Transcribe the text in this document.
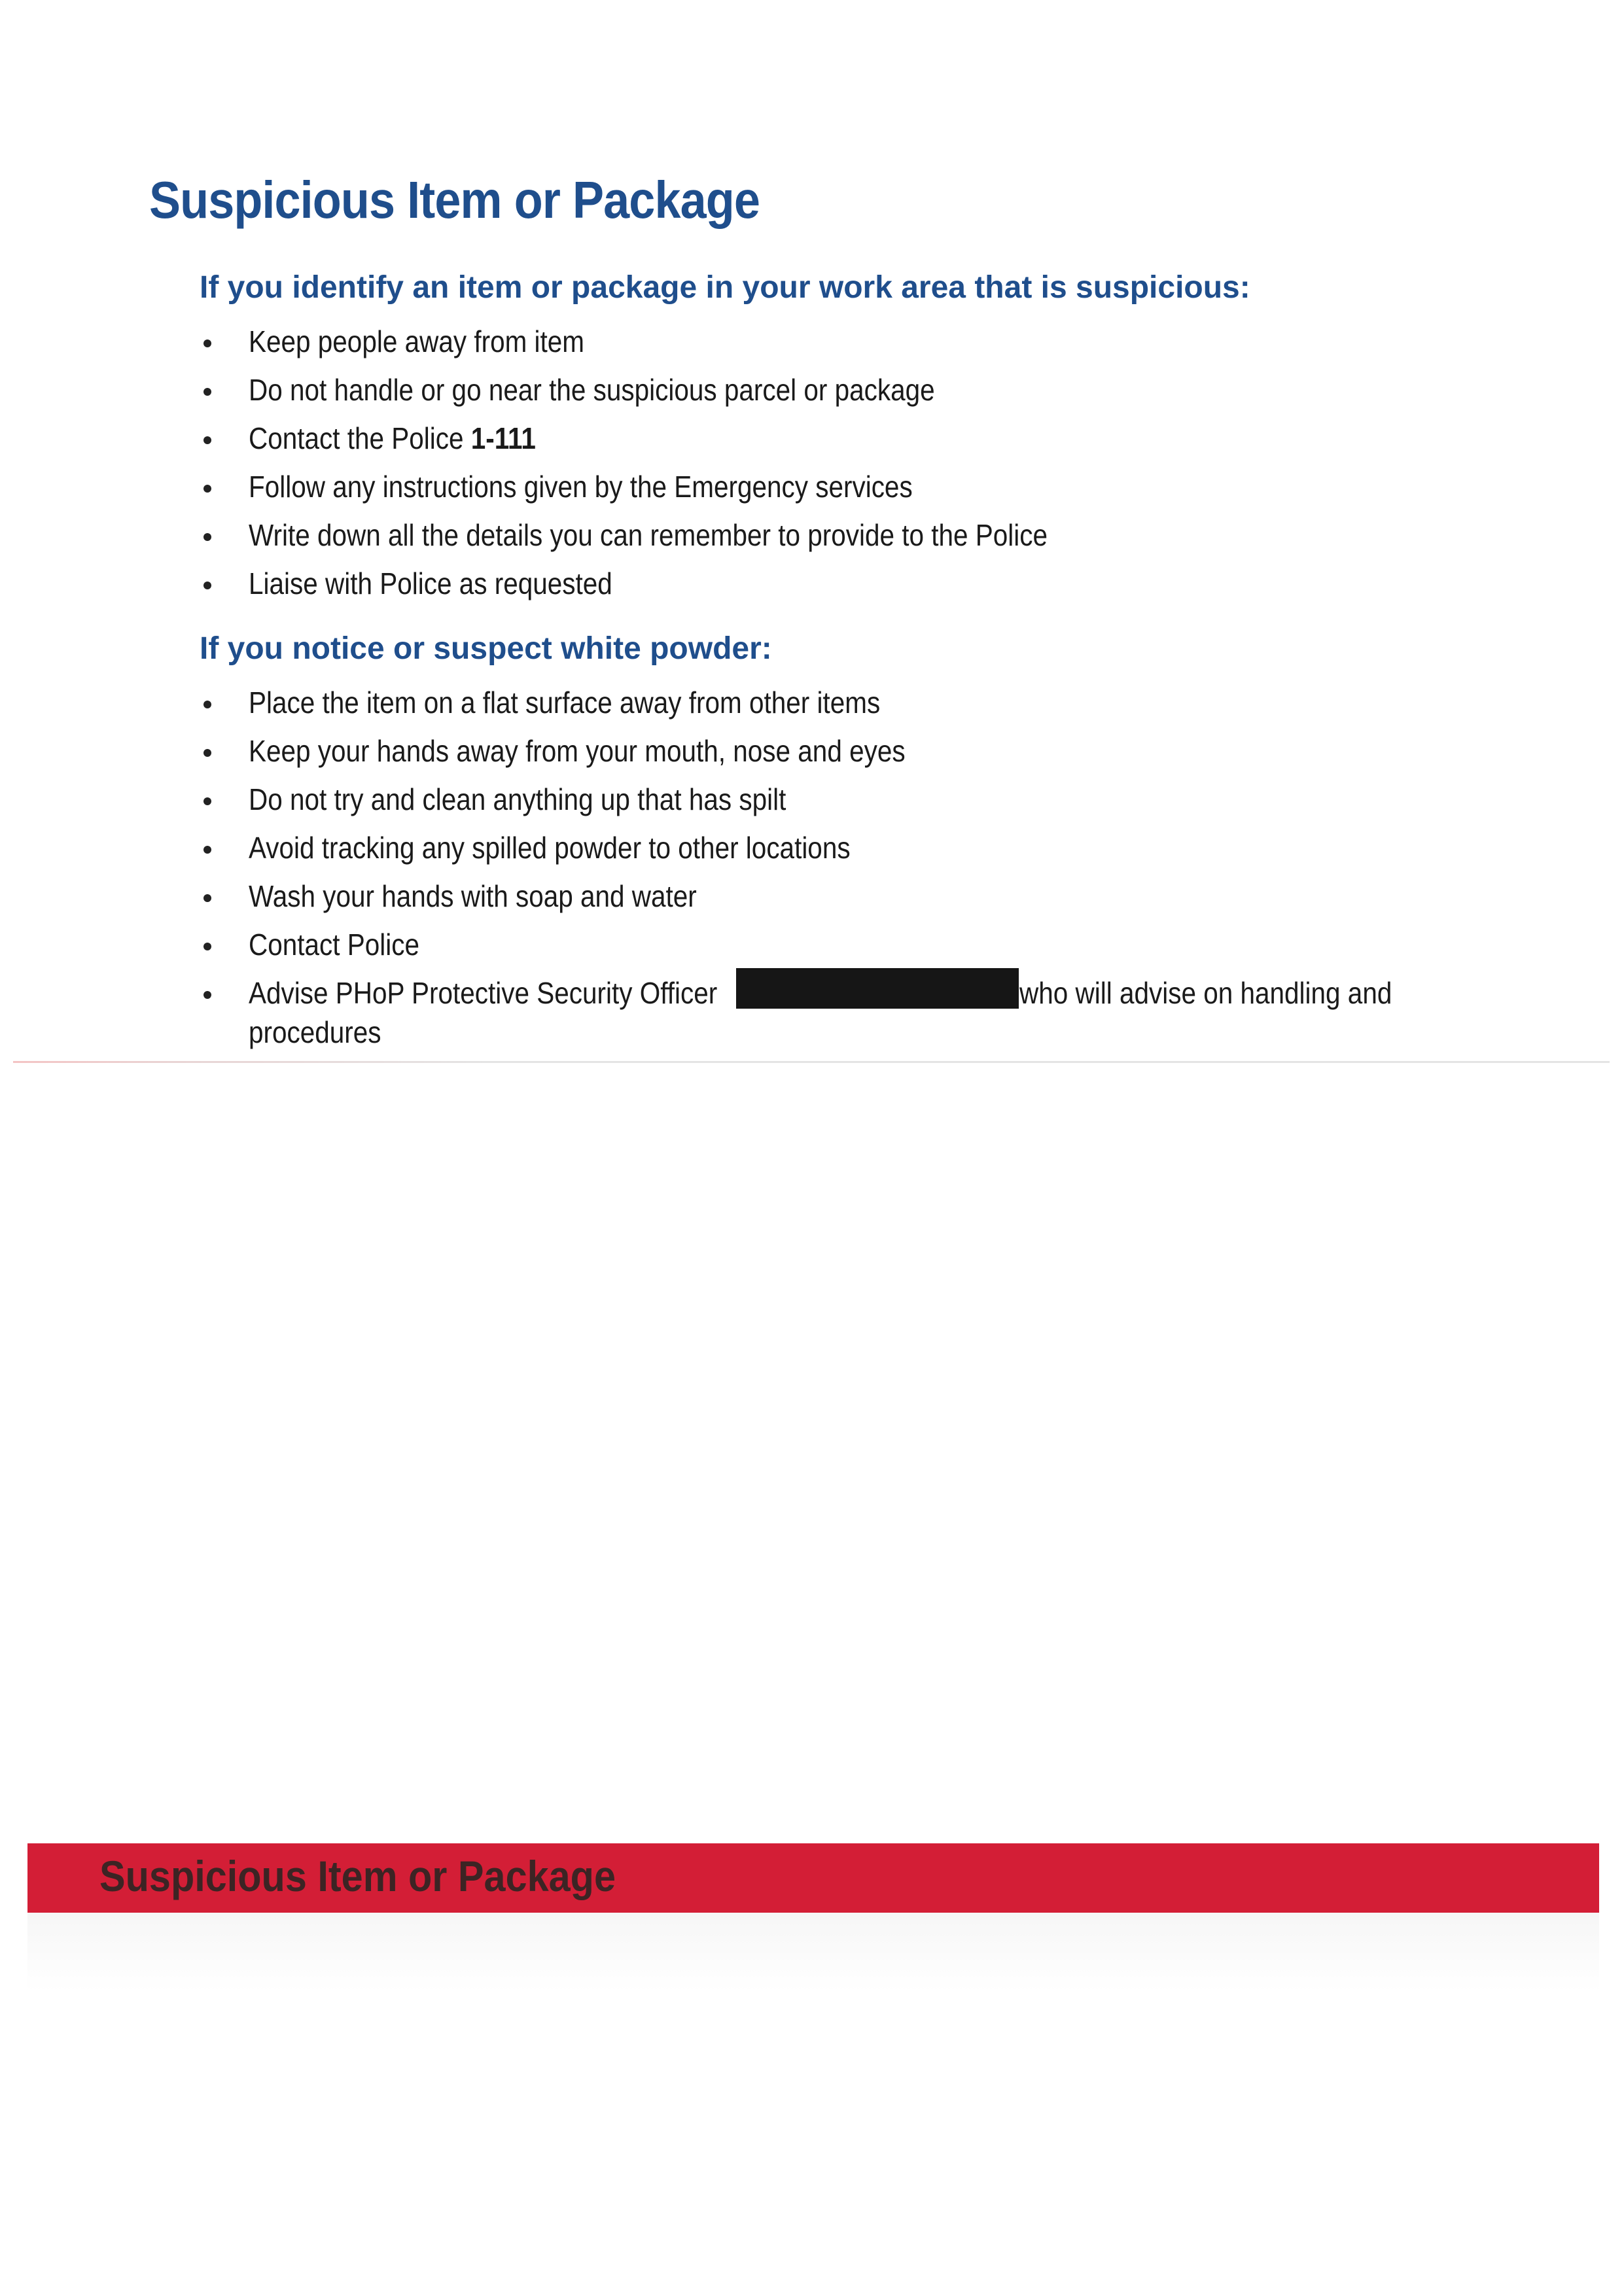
Suspicious Item or Package
If you identify an item or package in your work area that is suspicious:
Keep people away from item
Do not handle or go near the suspicious parcel or package
Contact the Police 1-111
Follow any instructions given by the Emergency services
Write down all the details you can remember to provide to the Police
Liaise with Police as requested
If you notice or suspect white powder:
Place the item on a flat surface away from other items
Keep your hands away from your mouth, nose and eyes
Do not try and clean anything up that has spilt
Avoid tracking any spilled powder to other locations
Wash your hands with soap and water
Contact Police
Advise PHoP Protective Security Officer	who will advise on handling and
procedures
Suspicious Item or Package
